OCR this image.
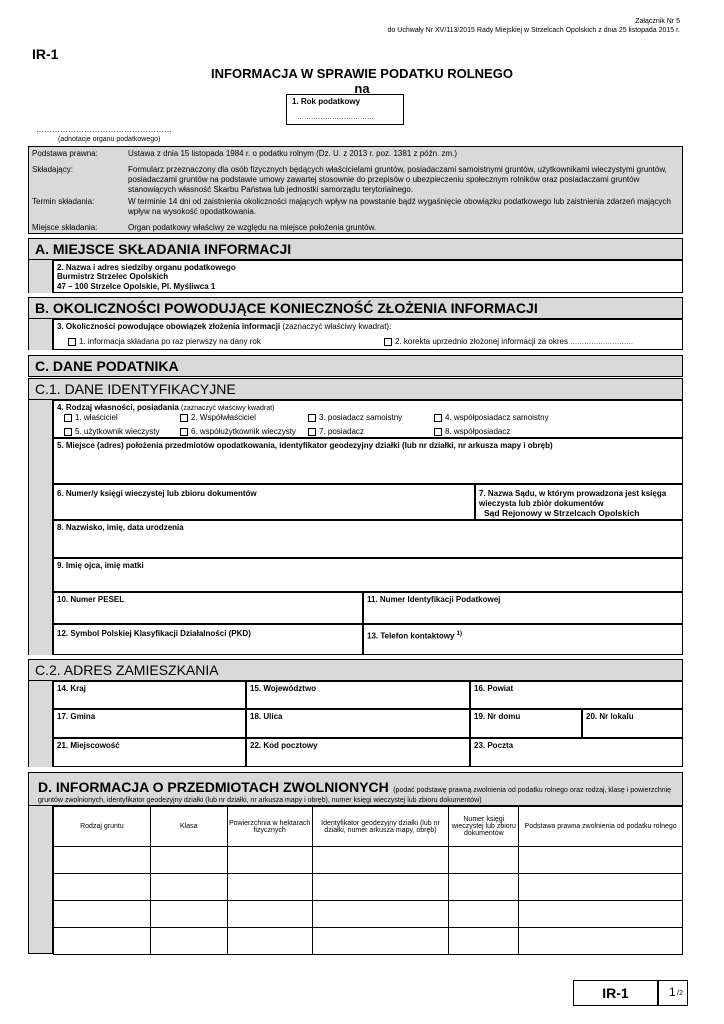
Załącznik Nr 5
do Uchwały Nr XV/113/2015 Rady Miejskiej w Strzelcach Opolskich z dnia 25 listopada 2015 r.
IR-1
INFORMACJA W SPRAWIE PODATKU ROLNEGO
na
1. Rok podatkowy
……………………………
……………………………………………
(adnotacje organu podatkowego)
Podstawa prawna:	Ustawa z dnia 15 listopada 1984 r. o podatku rolnym (Dz. U. z 2013 r. poz. 1381 z późn. zm.)
Składający:	Formularz przeznaczony dla osób fizycznych będących właścicielami gruntów, posiadaczami samoistnymi gruntów, użytkownikami wieczystymi gruntów, posiadaczami gruntów na podstawie umowy zawartej stosownie do przepisów o ubezpieczeniu społecznym rolników oraz posiadaczami gruntów stanowiących własność Skarbu Państwa lub jednostki samorządu terytorialnego.
Termin składania:	W terminie 14 dni od zaistnienia okoliczności mających wpływ na powstanie bądź wygaśnięcie obowiązku podatkowego lub zaistnienia zdarzeń mających wpływ na wysokość opodatkowania.
Miejsce składania:	Organ podatkowy właściwy ze względu na miejsce położenia gruntów.
A. MIEJSCE SKŁADANIA INFORMACJI
2. Nazwa i adres siedziby organu podatkowego
Burmistrz Strzelec Opolskich
47 – 100 Strzelce Opolskie, Pl. Myśliwca 1
B. OKOLICZNOŚCI POWODUJĄCE KONIECZNOŚĆ ZŁOŻENIA INFORMACJI
3. Okoliczności powodujące obowiązek złożenia informacji (zaznaczyć właściwy kwadrat):
1. informacja składana po raz pierwszy na dany rok	2. korekta uprzednio złożonej informacji za okres ………………………
C. DANE PODATNIKA
C.1. DANE IDENTYFIKACYJNE
4. Rodzaj własności, posiadania (zaznaczyć właściwy kwadrat)
1. właściciel	2. Współwłaściciel	3. posiadacz samoistny	4. współposiadacz samoistny
5. użytkownik wieczysty	6. współużytkownik wieczysty	7. posiadacz	8. współposiadacz
5. Miejsce (adres) położenia przedmiotów opodatkowania, identyfikator geodezyjny działki (lub nr działki, nr arkusza mapy i obręb)
6. Numer/y księgi wieczystej lub zbioru dokumentów	7. Nazwa Sądu, w którym prowadzona jest księga wieczysta lub zbiór dokumentów
Sąd Rejonowy w Strzelcach Opolskich
8. Nazwisko, imię, data urodzenia
9. Imię ojca, imię matki
10. Numer PESEL	11. Numer Identyfikacji Podatkowej
12. Symbol Polskiej Klasyfikacji Działalności (PKD)	13. Telefon kontaktowy $^{1)}$
C.2. ADRES ZAMIESZKANIA
14. Kraj	15. Województwo	16. Powiat
17. Gmina	18. Ulica	19. Nr domu	20. Nr lokalu
21. Miejscowość	22. Kod pocztowy	23. Poczta
D. INFORMACJA O PRZEDMIOTACH ZWOLNIONYCH (podać podstawę prawną zwolnienia od podatku rolnego oraz rodzaj, klasę i powierzchnię
gruntów zwolnionych, identyfikator geodezyjny działki (lub nr działki, nr arkusza mapy i obręb), numer księgi wieczystej lub zbioru dokumentów)
Rodzaj gruntu	Klasa	Powierzchnia w hektarach fizycznych	Identyfikator geodezyjny działki (lub nr działki, numer arkusza mapy, obręb)	Numer księgi wieczystej lub zbioru dokumentów	Podstawa prawna zwolnienia od podatku rolnego

IR-1	1 /2
